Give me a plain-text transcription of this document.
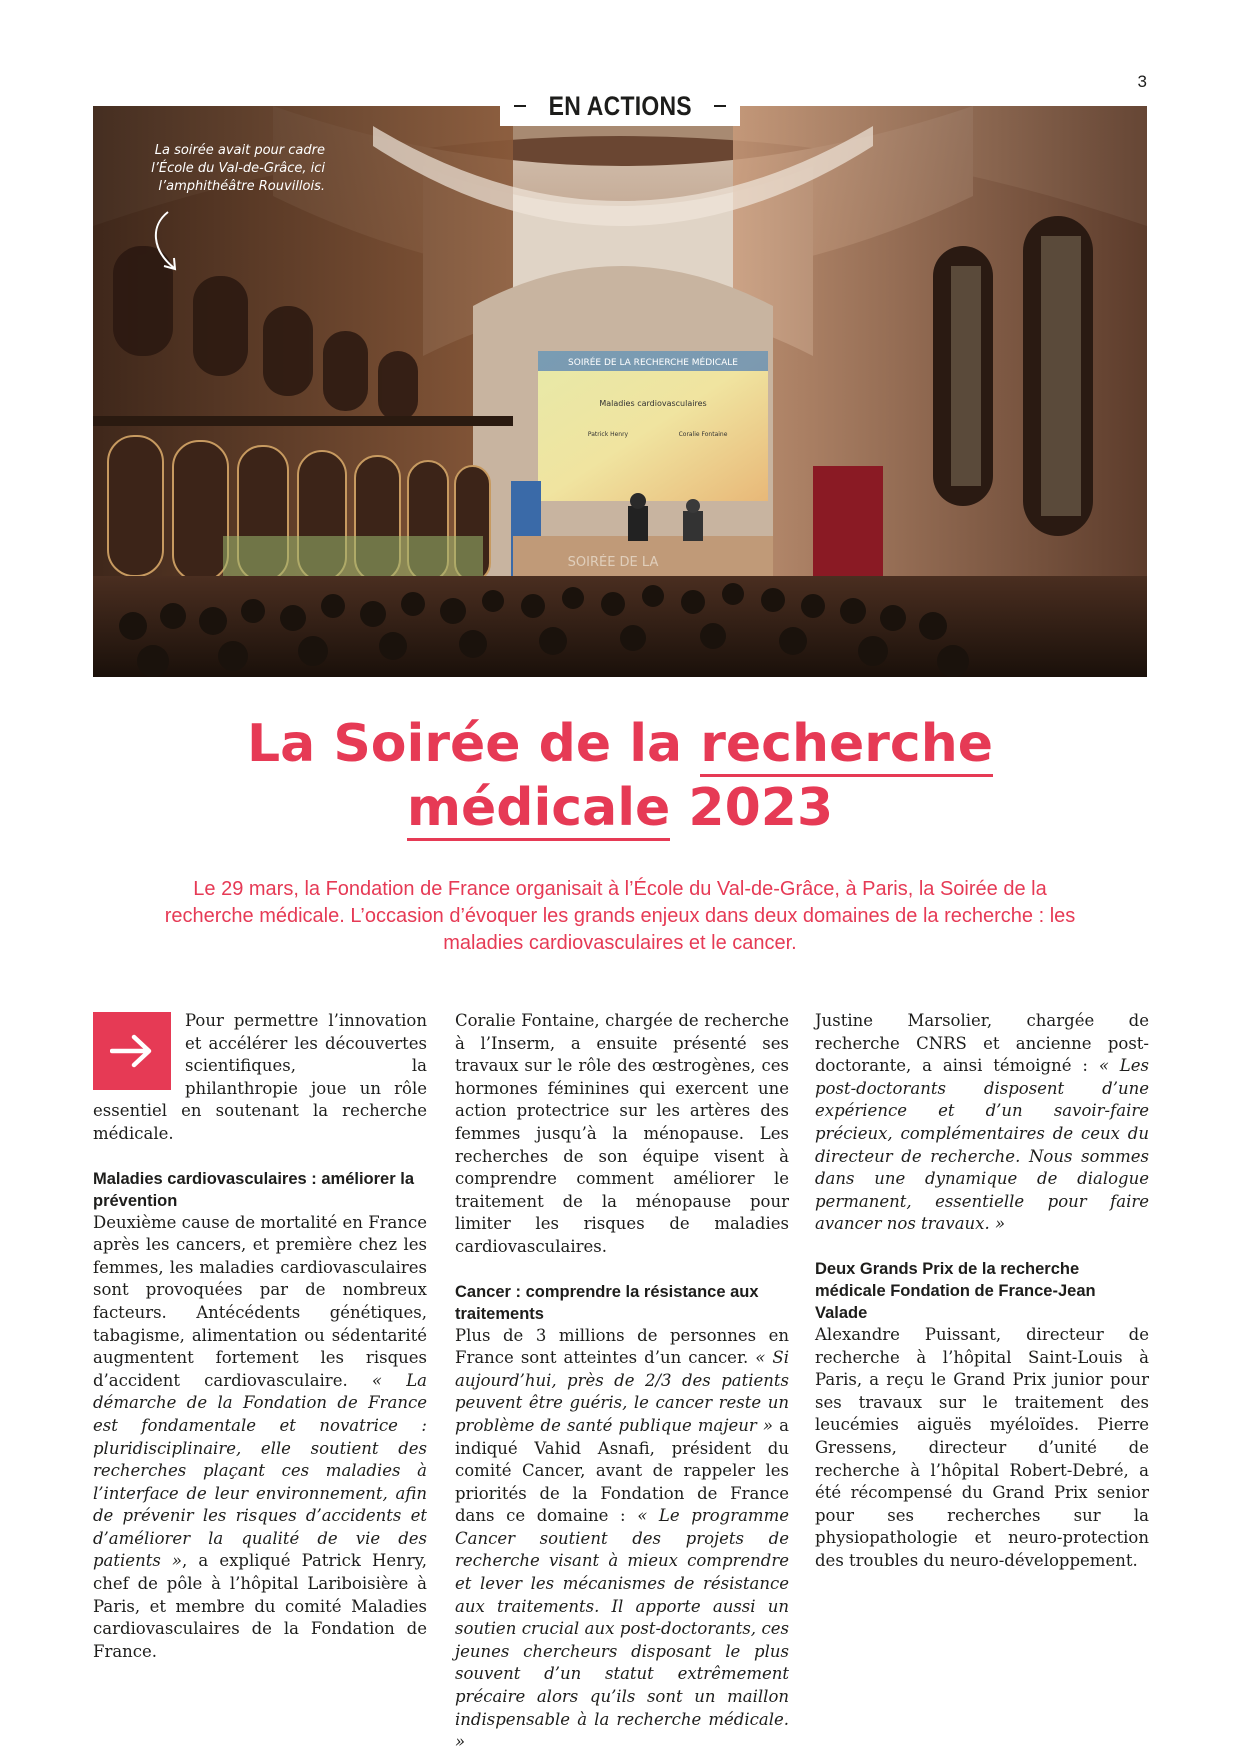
3
EN ACTIONS
SOIRÉE DE LA RECHERCHE MÉDICALE
Maladies cardiovasculaires
Patrick Henry	Coralie Fontaine
SOIRÉE DE LA
La soirée avait pour cadre l’École du Val-de-Grâce, ici l’amphithéâtre Rouvillois.
La Soirée de la recherche
médicale 2023

Le 29 mars, la Fondation de France organisait à l’École du Val-de-Grâce, à Paris, la Soirée de la recherche médicale. L’occasion d’évoquer les grands enjeux dans deux domaines de la recherche : les maladies cardiovasculaires et le cancer.

Pour permettre l’innovation et accélérer les découvertes scientifiques, la philanthropie joue un rôle essentiel en soutenant la recherche médicale.

Maladies cardiovasculaires : améliorer la prévention

Deuxième cause de mortalité en France après les cancers, et première chez les femmes, les maladies cardiovasculaires sont provoquées par de nombreux facteurs. Antécédents génétiques, tabagisme, alimentation ou sédentarité augmentent fortement les risques d’accident cardiovasculaire. « La démarche de la Fondation de France est fondamentale et novatrice : pluridisciplinaire, elle soutient des recherches plaçant ces maladies à l’interface de leur environnement, afin de prévenir les risques d’accidents et d’améliorer la qualité de vie des patients », a expliqué Patrick Henry, chef de pôle à l’hôpital Lariboisière à Paris, et membre du comité Maladies cardiovasculaires de la Fondation de France.

Coralie Fontaine, chargée de recherche à l’Inserm, a ensuite présenté ses travaux sur le rôle des œstrogènes, ces hormones féminines qui exercent une action protectrice sur les artères des femmes jusqu’à la ménopause. Les recherches de son équipe visent à comprendre comment améliorer le traitement de la ménopause pour limiter les risques de maladies cardiovasculaires.

Cancer : comprendre la résistance aux traitements

Plus de 3 millions de personnes en France sont atteintes d’un cancer. « Si aujourd’hui, près de 2/3 des patients peuvent être guéris, le cancer reste un problème de santé publique majeur » a indiqué Vahid Asnafi, président du comité Cancer, avant de rappeler les priorités de la Fondation de France dans ce domaine : « Le programme Cancer soutient des projets de recherche visant à mieux comprendre et lever les mécanismes de résistance aux traitements. Il apporte aussi un soutien crucial aux post-doctorants, ces jeunes chercheurs disposant le plus souvent d’un statut extrêmement précaire alors qu’ils sont un maillon indispensable à la recherche médicale. »

Justine Marsolier, chargée de recherche CNRS et ancienne post-doctorante, a ainsi témoigné : « Les post-doctorants disposent d’une expérience et d’un savoir-faire précieux, complémentaires de ceux du directeur de recherche. Nous sommes dans une dynamique de dialogue permanent, essentielle pour faire avancer nos travaux. »

Deux Grands Prix de la recherche médicale Fondation de France-Jean Valade

Alexandre Puissant, directeur de recherche à l’hôpital Saint-Louis à Paris, a reçu le Grand Prix junior pour ses travaux sur le traitement des leucémies aiguës myéloïdes. Pierre Gressens, directeur d’unité de recherche à l’hôpital Robert-Debré, a été récompensé du Grand Prix senior pour ses recherches sur la physiopathologie et neuro-protection des troubles du neuro-développement.
